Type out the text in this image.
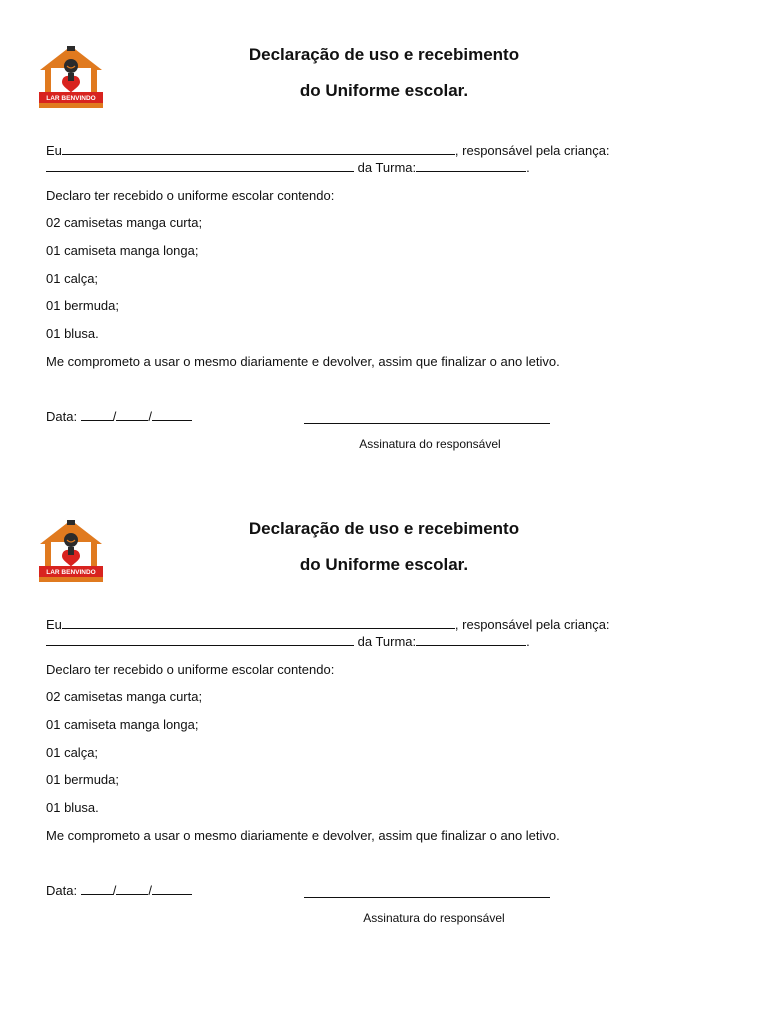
LAR BENVINDO
Declaração de uso e recebimento
do Uniforme escolar.
Eu	, responsável pela criança:
da Turma:	.
Declaro ter recebido o uniforme escolar contendo:
02 camisetas manga curta;
01 camiseta manga longa;
01 calça;
01 bermuda;
01 blusa.
Me comprometo a usar o mesmo diariamente e devolver, assim que finalizar o ano letivo.
Data: / /
Assinatura do responsável
LAR BENVINDO
Declaração de uso e recebimento
do Uniforme escolar.
Eu	, responsável pela criança:
da Turma:	.
Declaro ter recebido o uniforme escolar contendo:
02 camisetas manga curta;
01 camiseta manga longa;
01 calça;
01 bermuda;
01 blusa.
Me comprometo a usar o mesmo diariamente e devolver, assim que finalizar o ano letivo.
Data: / /
Assinatura do responsável
